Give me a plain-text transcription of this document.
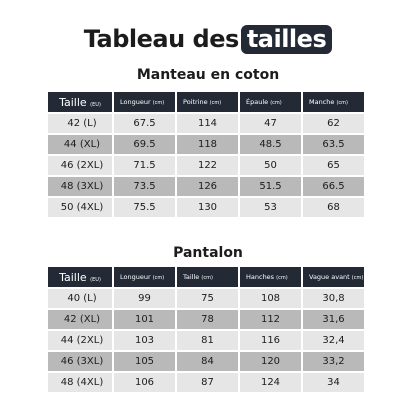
Tableau des tailles
Manteau en coton
Taille (EU)	Longueur (cm)	Poitrine (cm)	Épaule (cm)	Manche (cm)
42 (L)	67.5	114	47	62
44 (XL)	69.5	118	48.5	63.5
46 (2XL)	71.5	122	50	65
48 (3XL)	73.5	126	51.5	66.5
50 (4XL)	75.5	130	53	68
Pantalon
Taille (EU)	Longueur (cm)	Taille (cm)	Hanches (cm)	Vague avant (cm)
40 (L)	99	75	108	30,8
42 (XL)	101	78	112	31,6
44 (2XL)	103	81	116	32,4
46 (3XL)	105	84	120	33,2
48 (4XL)	106	87	124	34
